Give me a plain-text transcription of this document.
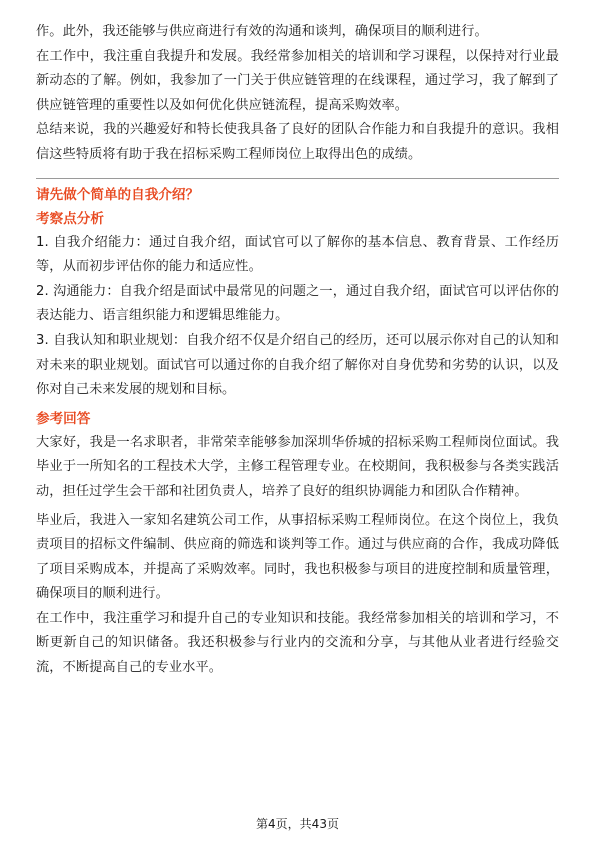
作。此外，我还能够与供应商进行有效的沟通和谈判，确保项目的顺利进行。

在工作中，我注重自我提升和发展。我经常参加相关的培训和学习课程，以保持对行业最新动态的了解。例如，我参加了一门关于供应链管理的在线课程，通过学习，我了解到了供应链管理的重要性以及如何优化供应链流程，提高采购效率。

总结来说，我的兴趣爱好和特长使我具备了良好的团队合作能力和自我提升的意识。我相信这些特质将有助于我在招标采购工程师岗位上取得出色的成绩。

请先做个简单的自我介绍？

考察点分析

1. 自我介绍能力：通过自我介绍，面试官可以了解你的基本信息、教育背景、工作经历等，从而初步评估你的能力和适应性。

2. 沟通能力：自我介绍是面试中最常见的问题之一，通过自我介绍，面试官可以评估你的表达能力、语言组织能力和逻辑思维能力。

3. 自我认知和职业规划：自我介绍不仅是介绍自己的经历，还可以展示你对自己的认知和对未来的职业规划。面试官可以通过你的自我介绍了解你对自身优势和劣势的认识，以及你对自己未来发展的规划和目标。

参考回答

大家好，我是一名求职者，非常荣幸能够参加深圳华侨城的招标采购工程师岗位面试。我毕业于一所知名的工程技术大学，主修工程管理专业。在校期间，我积极参与各类实践活动，担任过学生会干部和社团负责人，培养了良好的组织协调能力和团队合作精神。

毕业后，我进入一家知名建筑公司工作，从事招标采购工程师岗位。在这个岗位上，我负责项目的招标文件编制、供应商的筛选和谈判等工作。通过与供应商的合作，我成功降低了项目采购成本，并提高了采购效率。同时，我也积极参与项目的进度控制和质量管理，确保项目的顺利进行。

在工作中，我注重学习和提升自己的专业知识和技能。我经常参加相关的培训和学习，不断更新自己的知识储备。我还积极参与行业内的交流和分享，与其他从业者进行经验交流，不断提高自己的专业水平。

第4页，共43页
